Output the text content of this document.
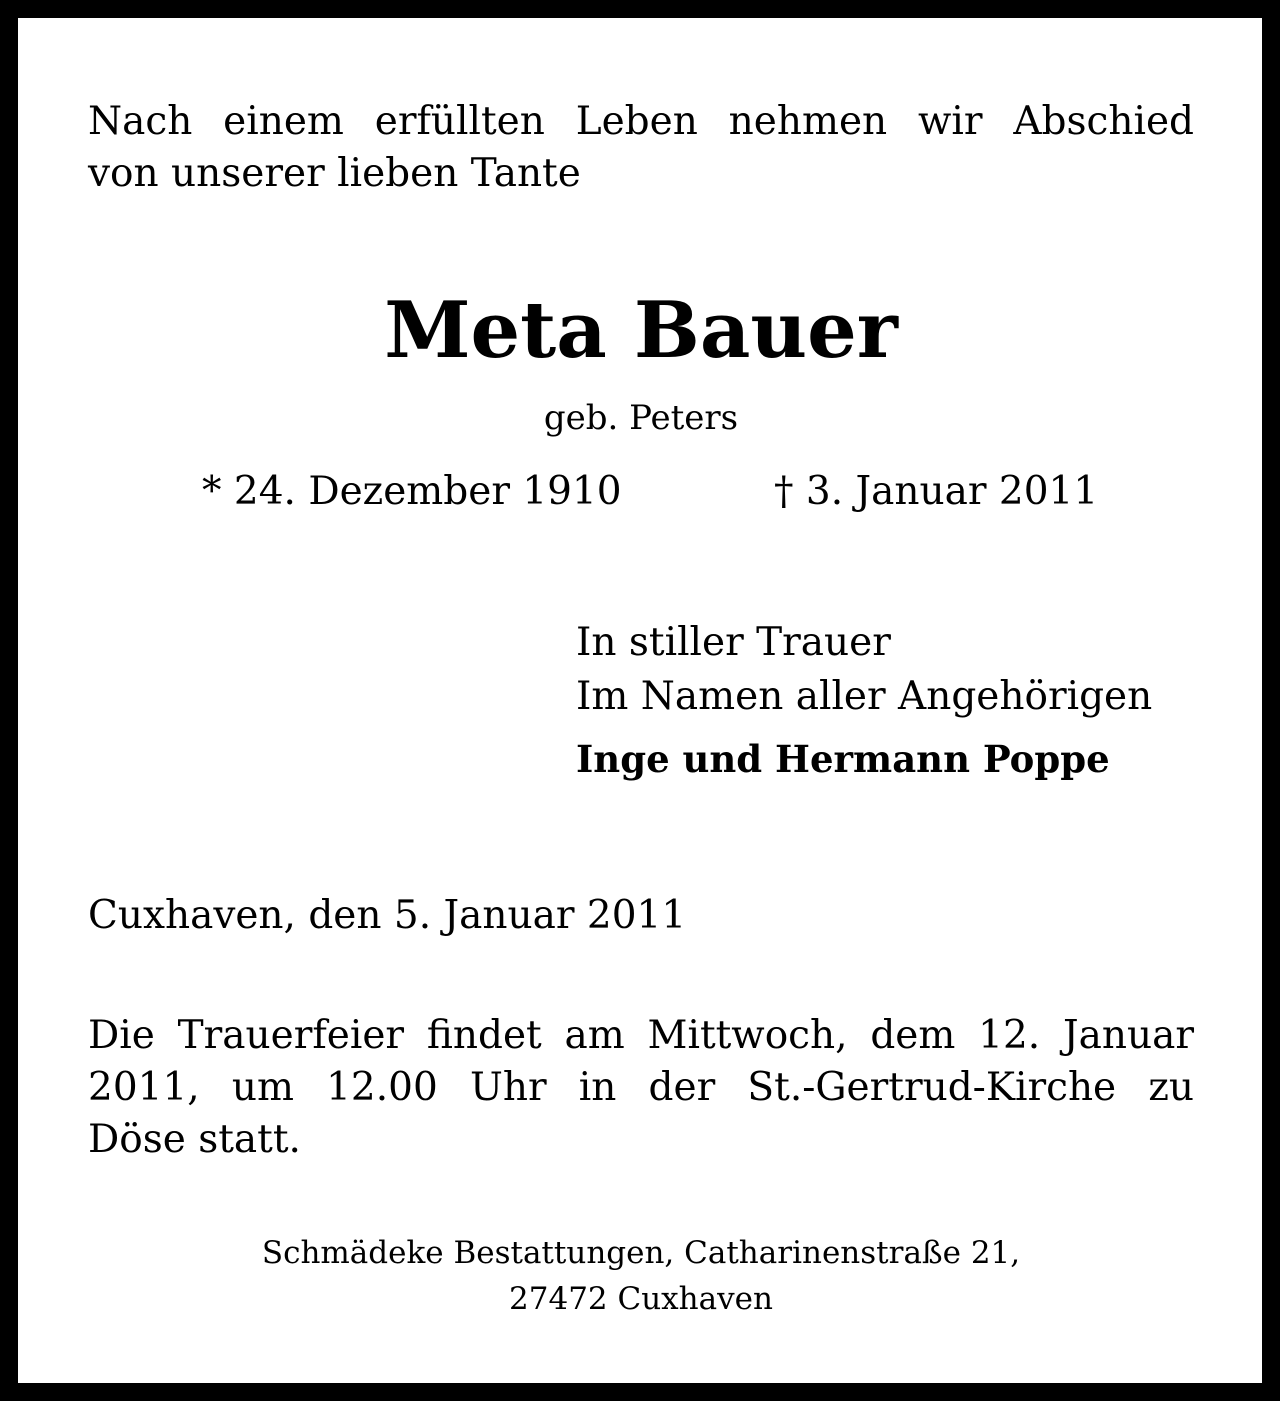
Nach einem erfüllten Leben nehmen wir Abschied
von unserer lieben Tante
Meta Bauer
geb. Peters
* 24. Dezember 1910	† 3. Januar 2011
In stiller Trauer
Im Namen aller Angehörigen
Inge und Hermann Poppe
Cuxhaven, den 5. Januar 2011
Die Trauerfeier findet am Mittwoch, dem 12. Januar
2011, um 12.00 Uhr in der St.-Gertrud-Kirche zu
Döse statt.
Schmädeke Bestattungen, Catharinenstraße 21,
27472 Cuxhaven
